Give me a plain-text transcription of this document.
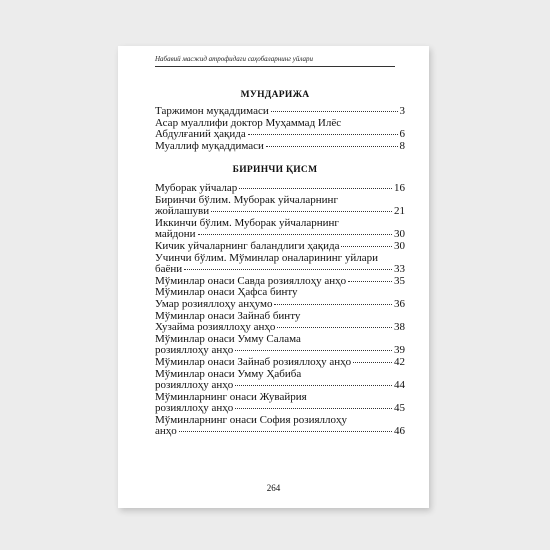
Набавий масжид атрофидаги саҳобаларнинг уйлари
МУНДАРИЖА
Таржимон муқаддимаси	3
Асар муаллифи доктор Муҳаммад Илёс
Абдулғаний ҳақида	6
Муаллиф муқаддимаси	8
БИРИНЧИ ҚИСМ
Муборак уйчалар	16
Биринчи бўлим. Муборак уйчаларнинг
жойлашуви	21
Иккинчи бўлим. Муборак уйчаларнинг
майдони	30
Кичик уйчаларнинг баландлиги ҳақида	30
Учинчи бўлим. Мўминлар оналарининг уйлари
баёни	33
Мўминлар онаси Савда розияллоҳу анҳо	35
Мўминлар онаси Ҳафса бинту
Умар розияллоҳу анҳумо	36
Мўминлар онаси Зайнаб бинту
Хузайма розияллоҳу анҳо	38
Мўминлар онаси Умму Салама
розияллоҳу анҳо	39
Мўминлар онаси Зайнаб розияллоҳу анҳо	42
Мўминлар онаси Умму Ҳабиба
розияллоҳу анҳо	44
Мўминларнинг онаси Жувайрия
розияллоҳу анҳо	45
Мўминларнинг онаси София розияллоҳу
анҳо	46
264
